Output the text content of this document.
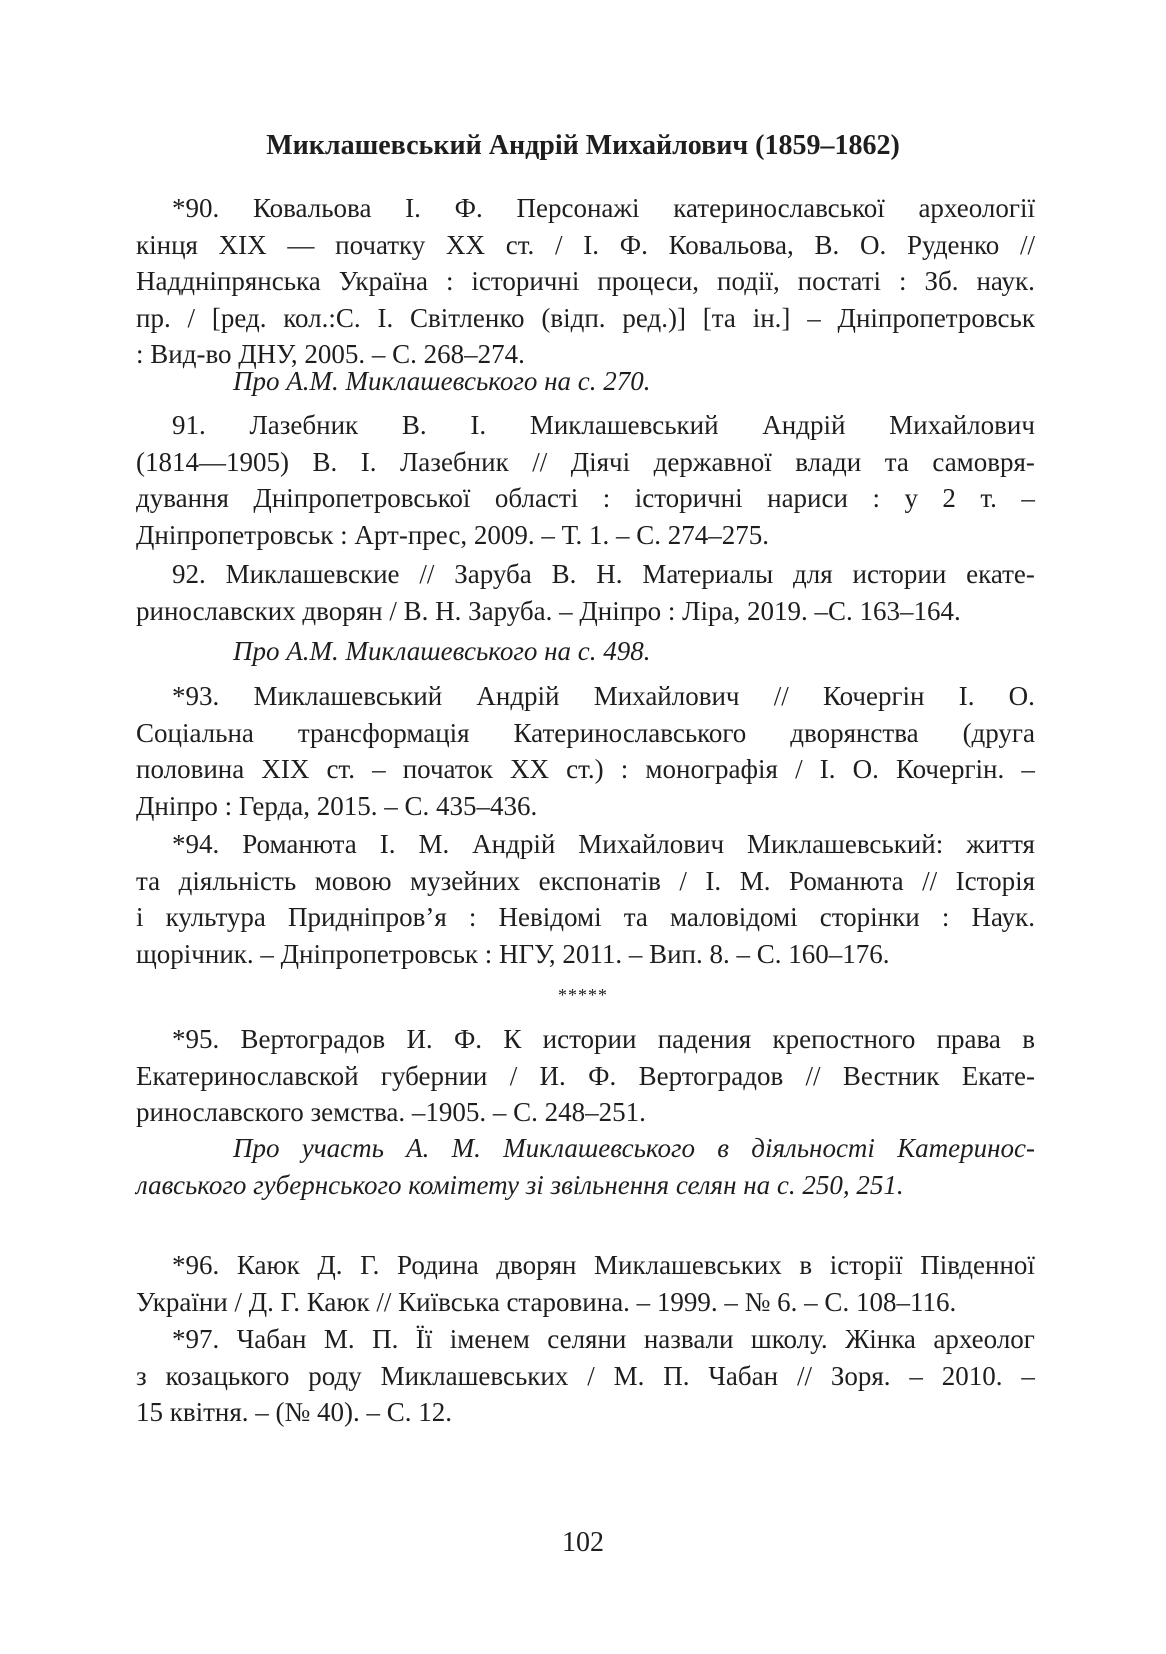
Миклашевський Андрій Михайлович (1859–1862)
*90. Ковальова І. Ф. Персонажі катеринославської археології
кінця ХІХ — початку ХХ ст. / І. Ф. Ковальова, В. О. Руденко //
Наддніпрянська Україна : історичні процеси, події, постаті : Зб. наук.
пр. / [ред. кол.:С. І. Світленко (відп. ред.)] [та ін.] – Дніпропетровськ
: Вид-во ДНУ, 2005. – С. 268–274.
Про А.М. Миклашевського на с. 270.
91. Лазебник В. І. Миклашевський Андрій Михайлович
(1814—1905) В. І. Лазебник // Діячі державної влади та самовря-
дування Дніпропетровської області : історичні нариси : у 2 т. –
Дніпропетровськ : Арт-прес, 2009. – Т. 1. – С. 274–275.
92. Миклашевские // Заруба В. Н. Материалы для истории екате-
ринославских дворян / В. Н. Заруба. – Дніпро : Ліра, 2019. –С. 163–164.
Про А.М. Миклашевського на с. 498.
*93. Миклашевський Андрій Михайлович // Кочергін І. О.
Соціальна трансформація Катеринославського дворянства (друга
половина ХІХ ст. – початок ХХ ст.) : монографія / І. О. Кочергін. –
Дніпро : Герда, 2015. – С. 435–436.
*94. Романюта І. М. Андрій Михайлович Миклашевський: життя
та діяльність мовою музейних експонатів / І. М. Романюта // Історія
і культура Придніпров’я : Невідомі та маловідомі сторінки : Наук.
щорічник. – Дніпропетровськ : НГУ, 2011. – Вип. 8. – С. 160–176.
*****
*95. Вертоградов И. Ф. К истории падения крепостного права в
Екатеринославской губернии / И. Ф. Вертоградов // Вестник Екате-
ринославского земства. –1905. – С. 248–251.
Про участь А. М. Миклашевського в діяльності Катеринос-
лавського губернського комітету зі звільнення селян на с. 250, 251.
*96. Каюк Д. Г. Родина дворян Миклашевських в історії Південної
України / Д. Г. Каюк // Київська старовина. – 1999. – № 6. – С. 108–116.
*97. Чабан М. П. Її іменем селяни назвали школу. Жінка археолог
з козацького роду Миклашевських / М. П. Чабан // Зоря. – 2010. –
15 квітня. – (№ 40). – С. 12.
102
